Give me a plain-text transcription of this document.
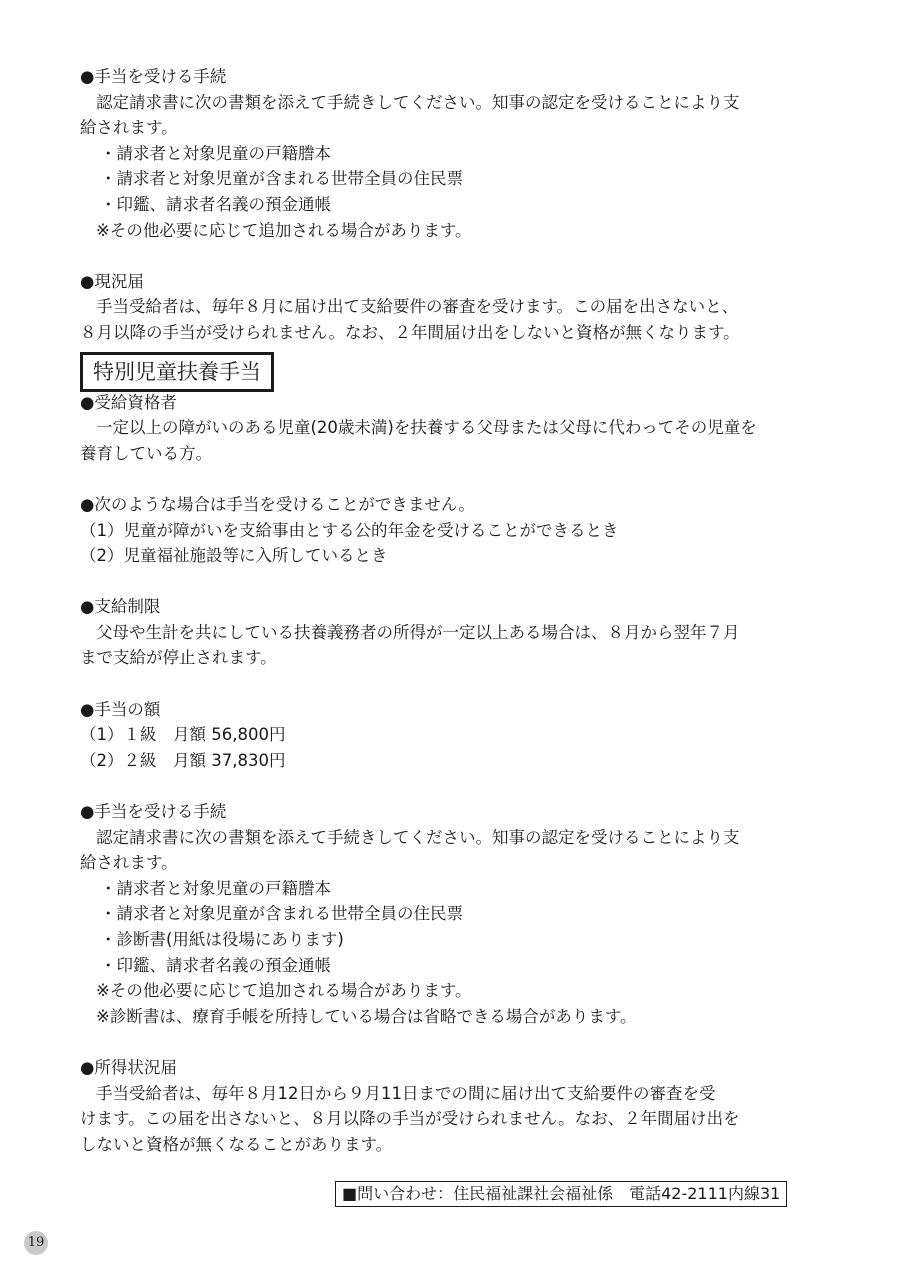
●手当を受ける手続
認定請求書に次の書類を添えて手続きしてください。知事の認定を受けることにより支
給されます。
・請求者と対象児童の戸籍謄本
・請求者と対象児童が含まれる世帯全員の住民票
・印鑑、請求者名義の預金通帳
※その他必要に応じて追加される場合があります。
●現況届
手当受給者は、毎年８月に届け出て支給要件の審査を受けます。この届を出さないと、
８月以降の手当が受けられません。なお、２年間届け出をしないと資格が無くなります。
特別児童扶養手当
●受給資格者
一定以上の障がいのある児童(20歳未満)を扶養する父母または父母に代わってその児童を
養育している方。
●次のような場合は手当を受けることができません。
（1）児童が障がいを支給事由とする公的年金を受けることができるとき
（2）児童福祉施設等に入所しているとき
●支給制限
父母や生計を共にしている扶養義務者の所得が一定以上ある場合は、８月から翌年７月
まで支給が停止されます。
●手当の額
（1）１級　月額 56,800円
（2）２級　月額 37,830円
●手当を受ける手続
認定請求書に次の書類を添えて手続きしてください。知事の認定を受けることにより支
給されます。
・請求者と対象児童の戸籍謄本
・請求者と対象児童が含まれる世帯全員の住民票
・診断書(用紙は役場にあります)
・印鑑、請求者名義の預金通帳
※その他必要に応じて追加される場合があります。
※診断書は、療育手帳を所持している場合は省略できる場合があります。
●所得状況届
手当受給者は、毎年８月12日から９月11日までの間に届け出て支給要件の審査を受
けます。この届を出さないと、８月以降の手当が受けられません。なお、２年間届け出を
しないと資格が無くなることがあります。
■問い合わせ：住民福祉課社会福祉係　電話42-2111内線31
19
